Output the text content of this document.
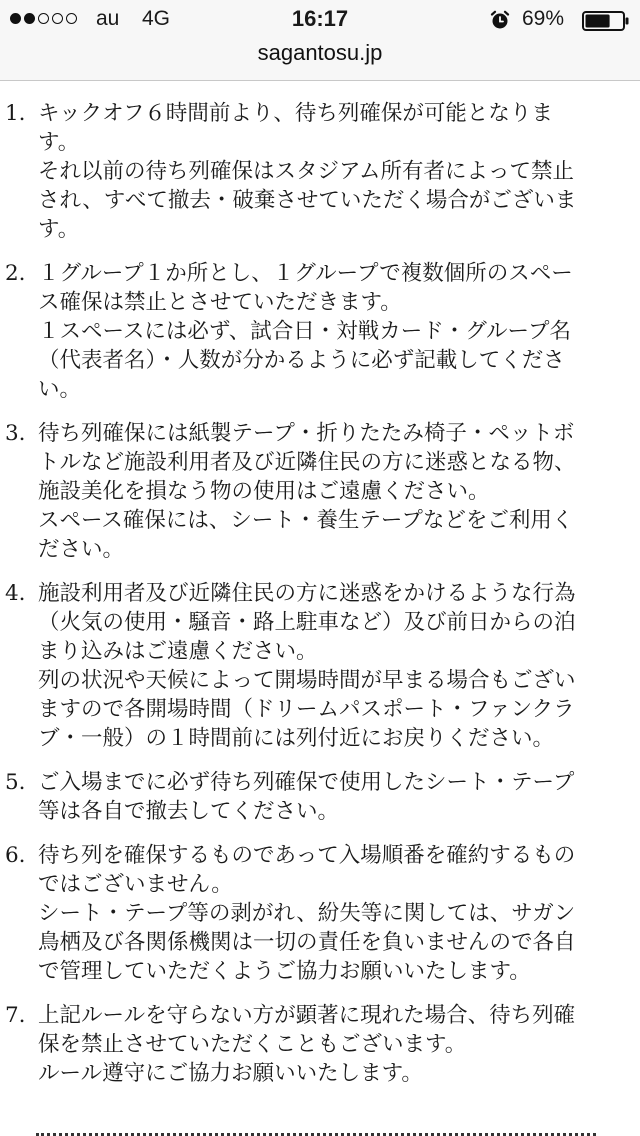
au 4G	16:17	69%
sagantosu.jp
1. キックオフ６時間前より、待ち列確保が可能となりま
す。
それ以前の待ち列確保はスタジアム所有者によって禁止
され、すべて撤去・破棄させていただく場合がございま
す。
2. １グループ１か所とし、１グループで複数個所のスペー
ス確保は禁止とさせていただきます。
１スペースには必ず、試合日・対戦カード・グループ名
（代表者名）・人数が分かるように必ず記載してくださ
い。
3. 待ち列確保には紙製テープ・折りたたみ椅子・ペットボ
トルなど施設利用者及び近隣住民の方に迷惑となる物、
施設美化を損なう物の使用はご遠慮ください。
スペース確保には、シート・養生テープなどをご利用く
ださい。
4. 施設利用者及び近隣住民の方に迷惑をかけるような行為
（火気の使用・騒音・路上駐車など）及び前日からの泊
まり込みはご遠慮ください。
列の状況や天候によって開場時間が早まる場合もござい
ますので各開場時間（ドリームパスポート・ファンクラ
ブ・一般）の１時間前には列付近にお戻りください。
5. ご入場までに必ず待ち列確保で使用したシート・テープ
等は各自で撤去してください。
6. 待ち列を確保するものであって入場順番を確約するもの
ではございません。
シート・テープ等の剥がれ、紛失等に関しては、サガン
鳥栖及び各関係機関は一切の責任を負いませんので各自
で管理していただくようご協力お願いいたします。
7. 上記ルールを守らない方が顕著に現れた場合、待ち列確
保を禁止させていただくこともございます。
ルール遵守にご協力お願いいたします。
